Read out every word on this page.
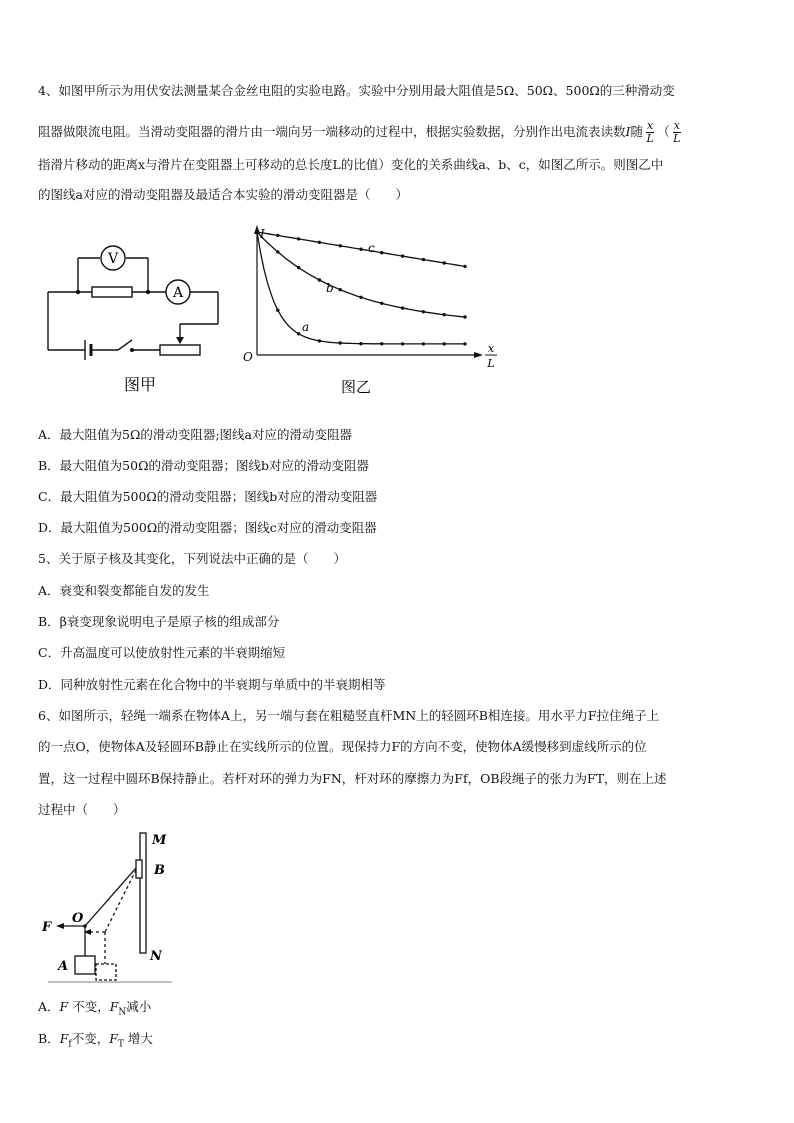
4、如图甲所示为用伏安法测量某合金丝电阻的实验电路。实验中分别用最大阻值是5Ω、50Ω、500Ω的三种滑动变
阻器做限流电阻。当滑动变阻器的滑片由一端向另一端移动的过程中，根据实验数据，分别作出电流表读数I随 $\frac{x}{L}$ （ $\frac{x}{L}$
指滑片移动的距离x与滑片在变阻器上可移动的总长度L的比值）变化的关系曲线a、b、c，如图乙所示。则图乙中
的图线a对应的滑动变阻器及最适合本实验的滑动变阻器是（　　）
V
A
图甲
I
O
x
L
c
b
a
图乙
A．最大阻值为5Ω的滑动变阻器;图线a对应的滑动变阻器
B．最大阻值为50Ω的滑动变阻器；图线b对应的滑动变阻器
C．最大阻值为500Ω的滑动变阻器；图线b对应的滑动变阻器
D．最大阻值为500Ω的滑动变阻器；图线c对应的滑动变阻器
5、关于原子核及其变化，下列说法中正确的是（　　）
A．衰变和裂变都能自发的发生
B．β衰变现象说明电子是原子核的组成部分
C．升高温度可以使放射性元素的半衰期缩短
D．同种放射性元素在化合物中的半衰期与单质中的半衰期相等
6、如图所示，轻绳一端系在物体A上，另一端与套在粗糙竖直杆MN上的轻圆环B相连接。用水平力F拉住绳子上
的一点O，使物体A及轻圆环B静止在实线所示的位置。现保持力F的方向不变，使物体A缓慢移到虚线所示的位
置，这一过程中圆环B保持静止。若杆对环的弹力为FN，杆对环的摩擦力为Ff，OB段绳子的张力为FT，则在上述
过程中（　　）
M
B
N
O
F
A
A．F 不变，$F_N$减小
B．$F_f$不变，$F_T$ 增大
